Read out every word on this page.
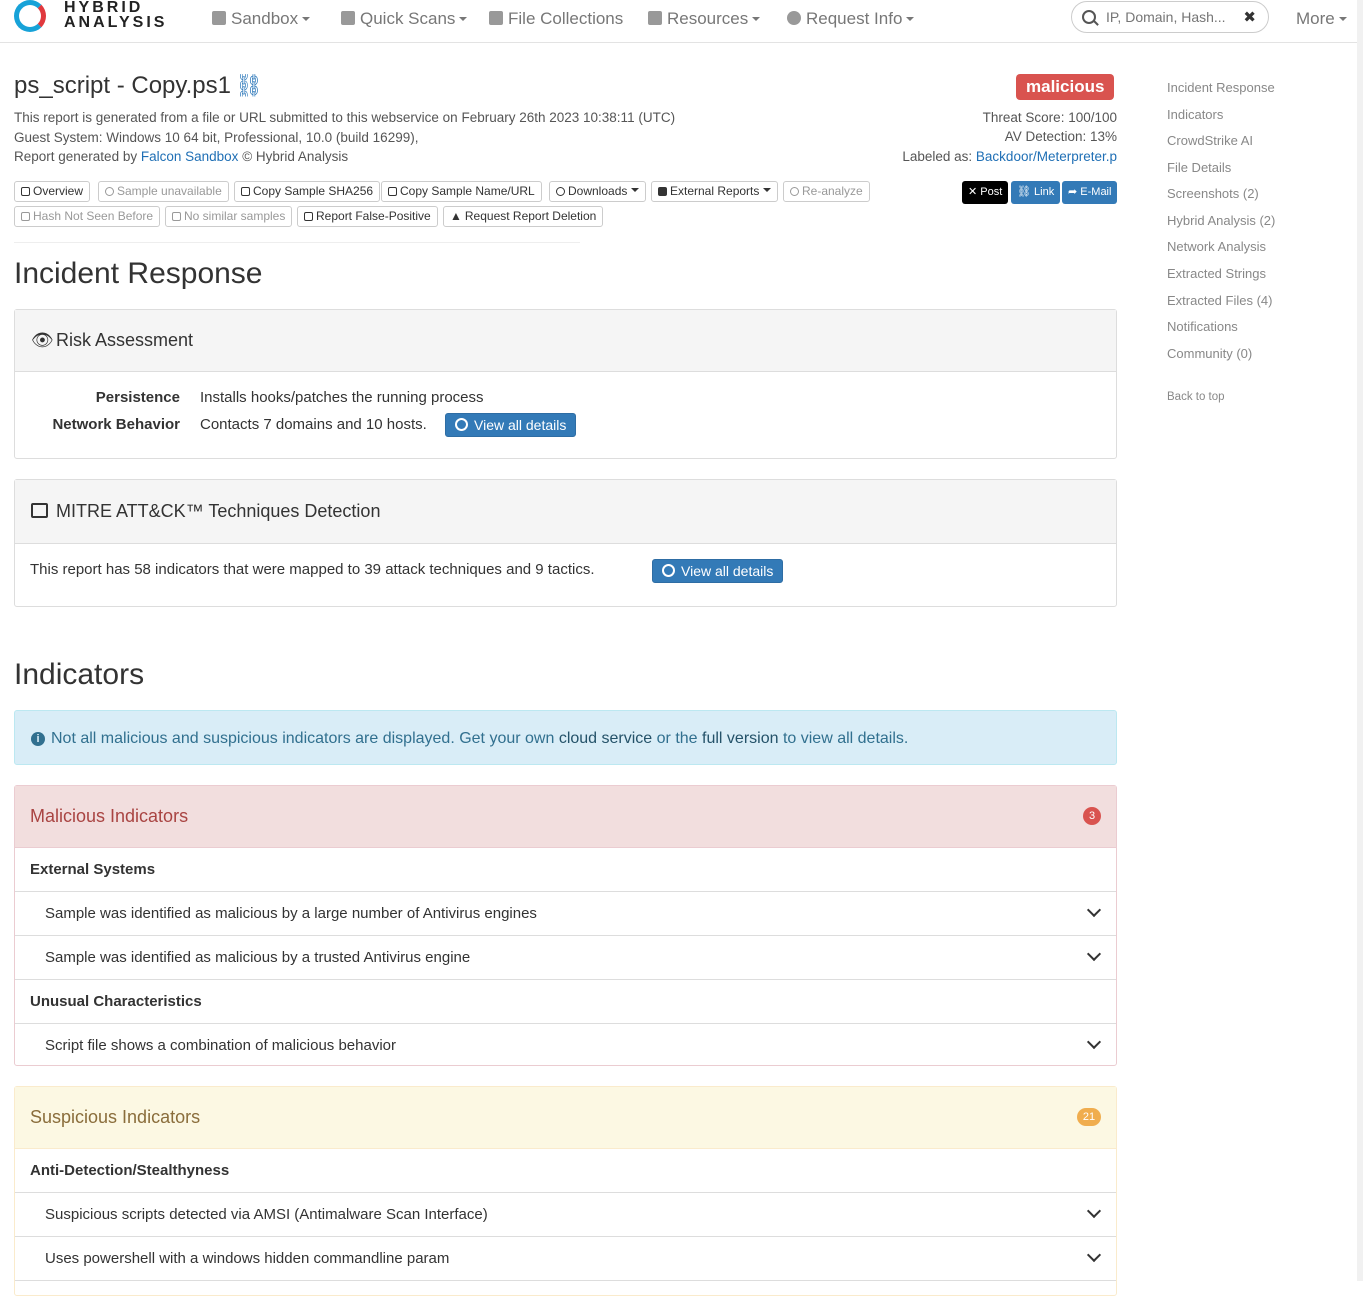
HYBRID
ANALYSIS	Sandbox	Quick Scans	File Collections	Resources	Request Info
IP, Domain, Hash...	✖ More
ps_script - Copy.ps1 ⛓
This report is generated from a file or URL submitted to this webservice on February 26th 2023 10:38:11 (UTC)
Guest System: Windows 10 64 bit, Professional, 10.0 (build 16299),
Report generated by Falcon Sandbox © Hybrid Analysis
malicious
Threat Score: 100/100
AV Detection: 13%
Labeled as: Backdoor/Meterpreter.p
Overview	Sample unavailable	Copy Sample SHA256	Copy Sample Name/URL	Downloads	External Reports	Re-analyze
Hash Not Seen Before	No similar samples	Report False-Positive	▲ Request Report Deletion
✕ Post	⛓ Link	➦ E-Mail
Incident Response
👁 Risk Assessment
Persistence Installs hooks/patches the running process
Network Behavior Contacts 7 domains and 10 hosts.	View all details
MITRE ATT&CK™ Techniques Detection
This report has 58 indicators that were mapped to 39 attack techniques and 9 tactics.	View all details
Indicators
i Not all malicious and suspicious indicators are displayed. Get your own cloud service or the full version to view all details.
Malicious Indicators	3
External Systems
Sample was identified as malicious by a large number of Antivirus engines
Sample was identified as malicious by a trusted Antivirus engine
Unusual Characteristics
Script file shows a combination of malicious behavior
Suspicious Indicators	21
Anti-Detection/Stealthyness
Suspicious scripts detected via AMSI (Antimalware Scan Interface)
Uses powershell with a windows hidden commandline param
Incident Response
Indicators
CrowdStrike AI
File Details
Screenshots (2)
Hybrid Analysis (2)
Network Analysis
Extracted Strings
Extracted Files (4)
Notifications
Community (0)
Back to top
